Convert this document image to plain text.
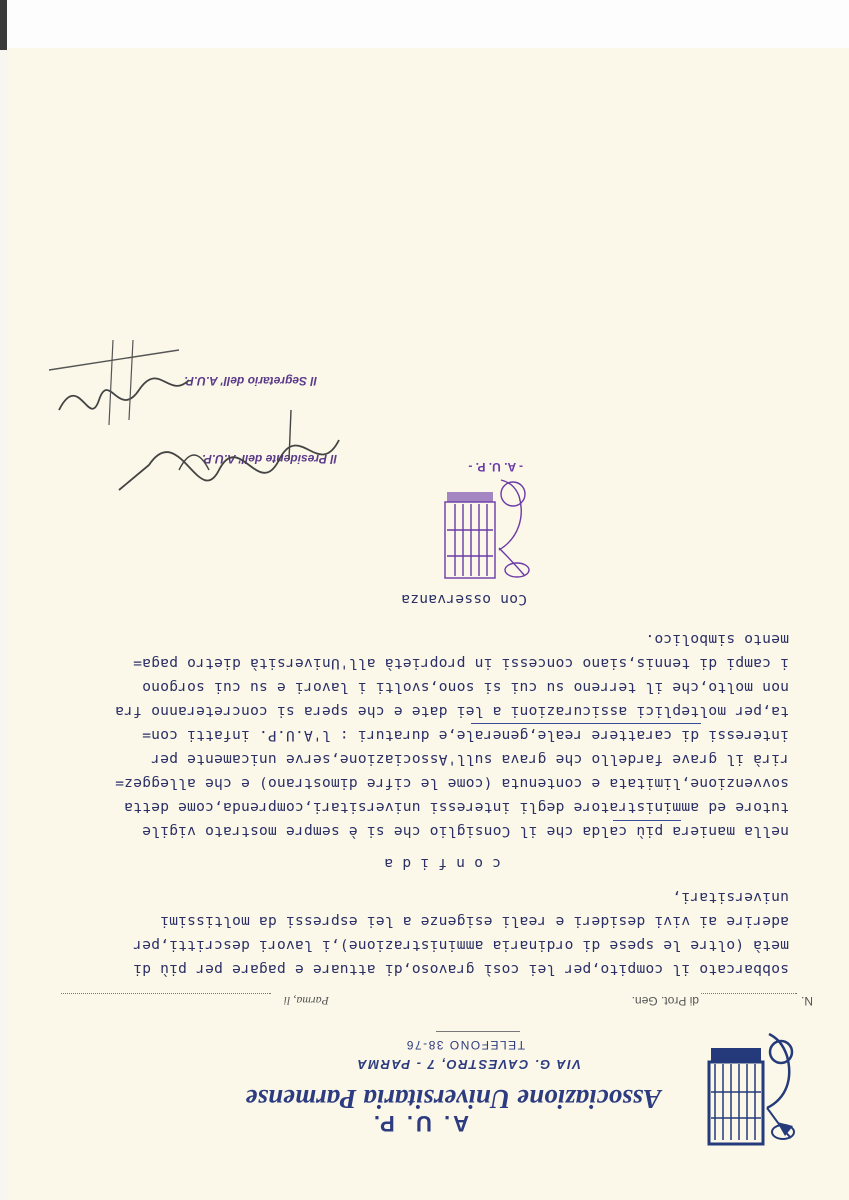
A. U. P.
Associazione Universitaria Parmense
VIA G. CAVESTRO, 7 - PARMA
TELEFONO 38-76
N.
di Prot. Gen.
Parma, li
sobbarcato il compito,per lei così gravoso,di attuare e pagare per più di
metà (oltre le spese di ordinaria amministrazione),i lavori descritti,per
aderire ai vivi desideri e reali esigenze a lei espressi da moltissimi
universitari,
c o n f i d a
nella maniera più calda che il Consiglio che si è sempre mostrato vigile
tutore ed amministratore degli interessi universitari,comprenda,come detta
sovvenzione,limitata e contenuta (come le cifre dimostrano) e che alleggez=
rirà il grave fardello che grava sull'Associazione,serve unicamente per
interessi di carattere reale,generale,e duraturi : l'A.U.P. infatti con=
ta,per molteplici assicurazioni a lei date e che spera si concreteranno fra
non molto,che il terreno su cui si sono,svolti i lavori e su cui sorgono
i campi di tennis,siano concessi in proprietà all'Università dietro paga=
mento simbolico.
Con osservanza
- A. U. P. -
Il Presidente dell' A.U.P.
Il Segretario dell' A.U.P.
